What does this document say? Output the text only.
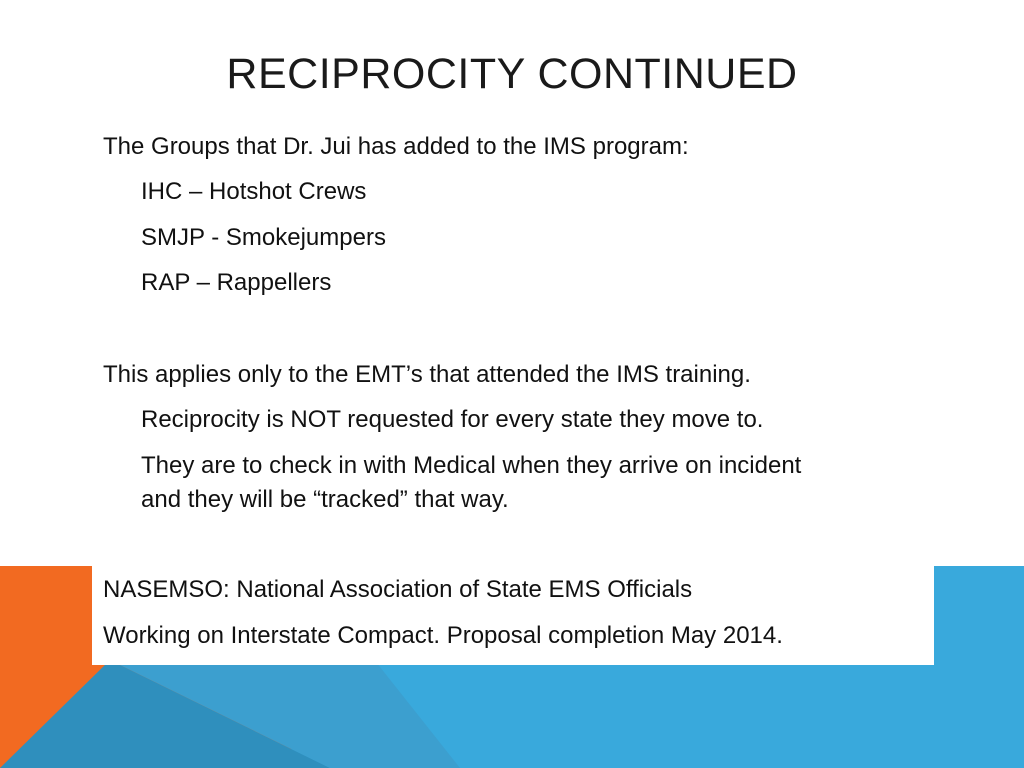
RECIPROCITY CONTINUED
The Groups that Dr. Jui has added to the IMS program:
IHC – Hotshot Crews
SMJP - Smokejumpers
RAP – Rappellers
This applies only to the EMT’s that attended the IMS training.
Reciprocity is NOT requested for every state they move to.
They are to check in with Medical when they arrive on incident
and they will be “tracked” that way.
NASEMSO: National Association of State EMS Officials
Working on Interstate Compact. Proposal completion May 2014.
